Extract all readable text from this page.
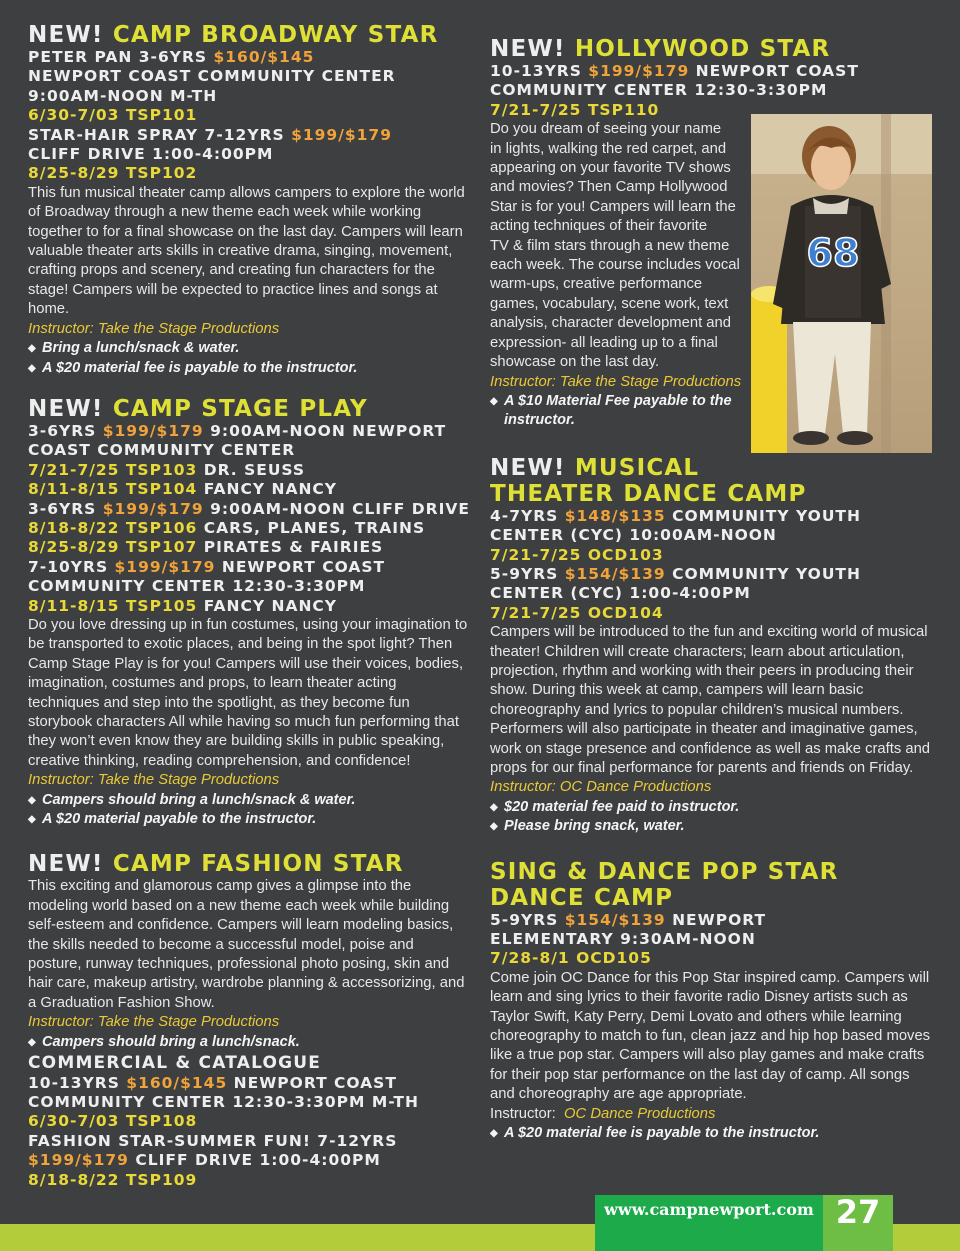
NEW! CAMP BROADWAY STAR
PETER PAN 3-6YRS $160/$145
NEWPORT COAST COMMUNITY CENTER
9:00AM-NOON M-TH
6/30-7/03 TSP101
STAR-HAIR SPRAY 7-12YRS $199/$179
CLIFF DRIVE 1:00-4:00PM
8/25-8/29 TSP102
This fun musical theater camp allows campers to explore the world of Broadway through a new theme each week while working together to for a final showcase on the last day. Campers will learn valuable theater arts skills in creative drama, singing, movement, crafting props and scenery, and creating fun characters for the stage! Campers will be expected to practice lines and songs at home.
Instructor: Take the Stage Productions
◆ Bring a lunch/snack & water.
◆ A $20 material fee is payable to the instructor.
NEW! CAMP STAGE PLAY
3-6YRS $199/$179 9:00AM-NOON NEWPORT
COAST COMMUNITY CENTER
7/21-7/25 TSP103 DR. SEUSS
8/11-8/15 TSP104 FANCY NANCY
3-6YRS $199/$179 9:00AM-NOON CLIFF DRIVE
8/18-8/22 TSP106 CARS, PLANES, TRAINS
8/25-8/29 TSP107 PIRATES & FAIRIES
7-10YRS $199/$179 NEWPORT COAST
COMMUNITY CENTER 12:30-3:30PM
8/11-8/15 TSP105 FANCY NANCY
Do you love dressing up in fun costumes, using your imagination to be transported to exotic places, and being in the spot light? Then Camp Stage Play is for you! Campers will use their voices, bodies, imagination, costumes and props, to learn theater acting techniques and step into the spotlight, as they become fun storybook characters All while having so much fun performing that they won’t even know they are building skills in public speaking, creative thinking, reading comprehension, and confidence!
Instructor: Take the Stage Productions
◆ Campers should bring a lunch/snack & water.
◆ A $20 material payable to the instructor.
NEW! CAMP FASHION STAR
This exciting and glamorous camp gives a glimpse into the modeling world based on a new theme each week while building self-esteem and confidence. Campers will learn modeling basics, the skills needed to become a successful model, poise and posture, runway techniques, professional photo posing, skin and hair care, makeup artistry, wardrobe planning & accessorizing, and a Graduation Fashion Show.
Instructor: Take the Stage Productions
◆ Campers should bring a lunch/snack.
COMMERCIAL & CATALOGUE
10-13YRS $160/$145 NEWPORT COAST
COMMUNITY CENTER 12:30-3:30PM M-TH
6/30-7/03 TSP108
FASHION STAR-SUMMER FUN! 7-12YRS
$199/$179 CLIFF DRIVE 1:00-4:00PM
8/18-8/22 TSP109
NEW! HOLLYWOOD STAR
10-13YRS $199/$179 NEWPORT COAST
COMMUNITY CENTER 12:30-3:30PM
7/21-7/25 TSP110
Do you dream of seeing your name
in lights, walking the red carpet, and
appearing on your favorite TV shows
and movies? Then Camp Hollywood
Star is for you! Campers will learn the
acting techniques of their favorite
TV & film stars through a new theme
each week. The course includes vocal
warm-ups, creative performance
games, vocabulary, scene work, text
analysis, character development and
expression- all leading up to a final
showcase on the last day.
Instructor: Take the Stage Productions
◆ A $10 Material Fee payable to the instructor.
NEW! MUSICAL
THEATER DANCE CAMP
4-7YRS $148/$135 COMMUNITY YOUTH
CENTER (CYC) 10:00AM-NOON
7/21-7/25 OCD103
5-9YRS $154/$139 COMMUNITY YOUTH
CENTER (CYC) 1:00-4:00PM
7/21-7/25 OCD104
Campers will be introduced to the fun and exciting world of musical theater! Children will create characters; learn about articulation, projection, rhythm and working with their peers in producing their show. During this week at camp, campers will learn basic choreography and lyrics to popular children’s musical numbers. Performers will also participate in theater and imaginative games, work on stage presence and confidence as well as make crafts and props for our final performance for parents and friends on Friday.
Instructor: OC Dance Productions
◆ $20 material fee paid to instructor.
◆ Please bring snack, water.
SING & DANCE POP STAR
DANCE CAMP
5-9YRS $154/$139 NEWPORT
ELEMENTARY 9:30AM-NOON
7/28-8/1 OCD105
Come join OC Dance for this Pop Star inspired camp. Campers will learn and sing lyrics to their favorite radio Disney artists such as Taylor Swift, Katy Perry, Demi Lovato and others while learning choreography to match to fun, clean jazz and hip hop based moves like a true pop star. Campers will also play games and make crafts for their pop star performance on the last day of camp. All songs and choreography are age appropriate.
Instructor: OC Dance Productions
◆ A $20 material fee is payable to the instructor.
68
www.campnewport.com 27
